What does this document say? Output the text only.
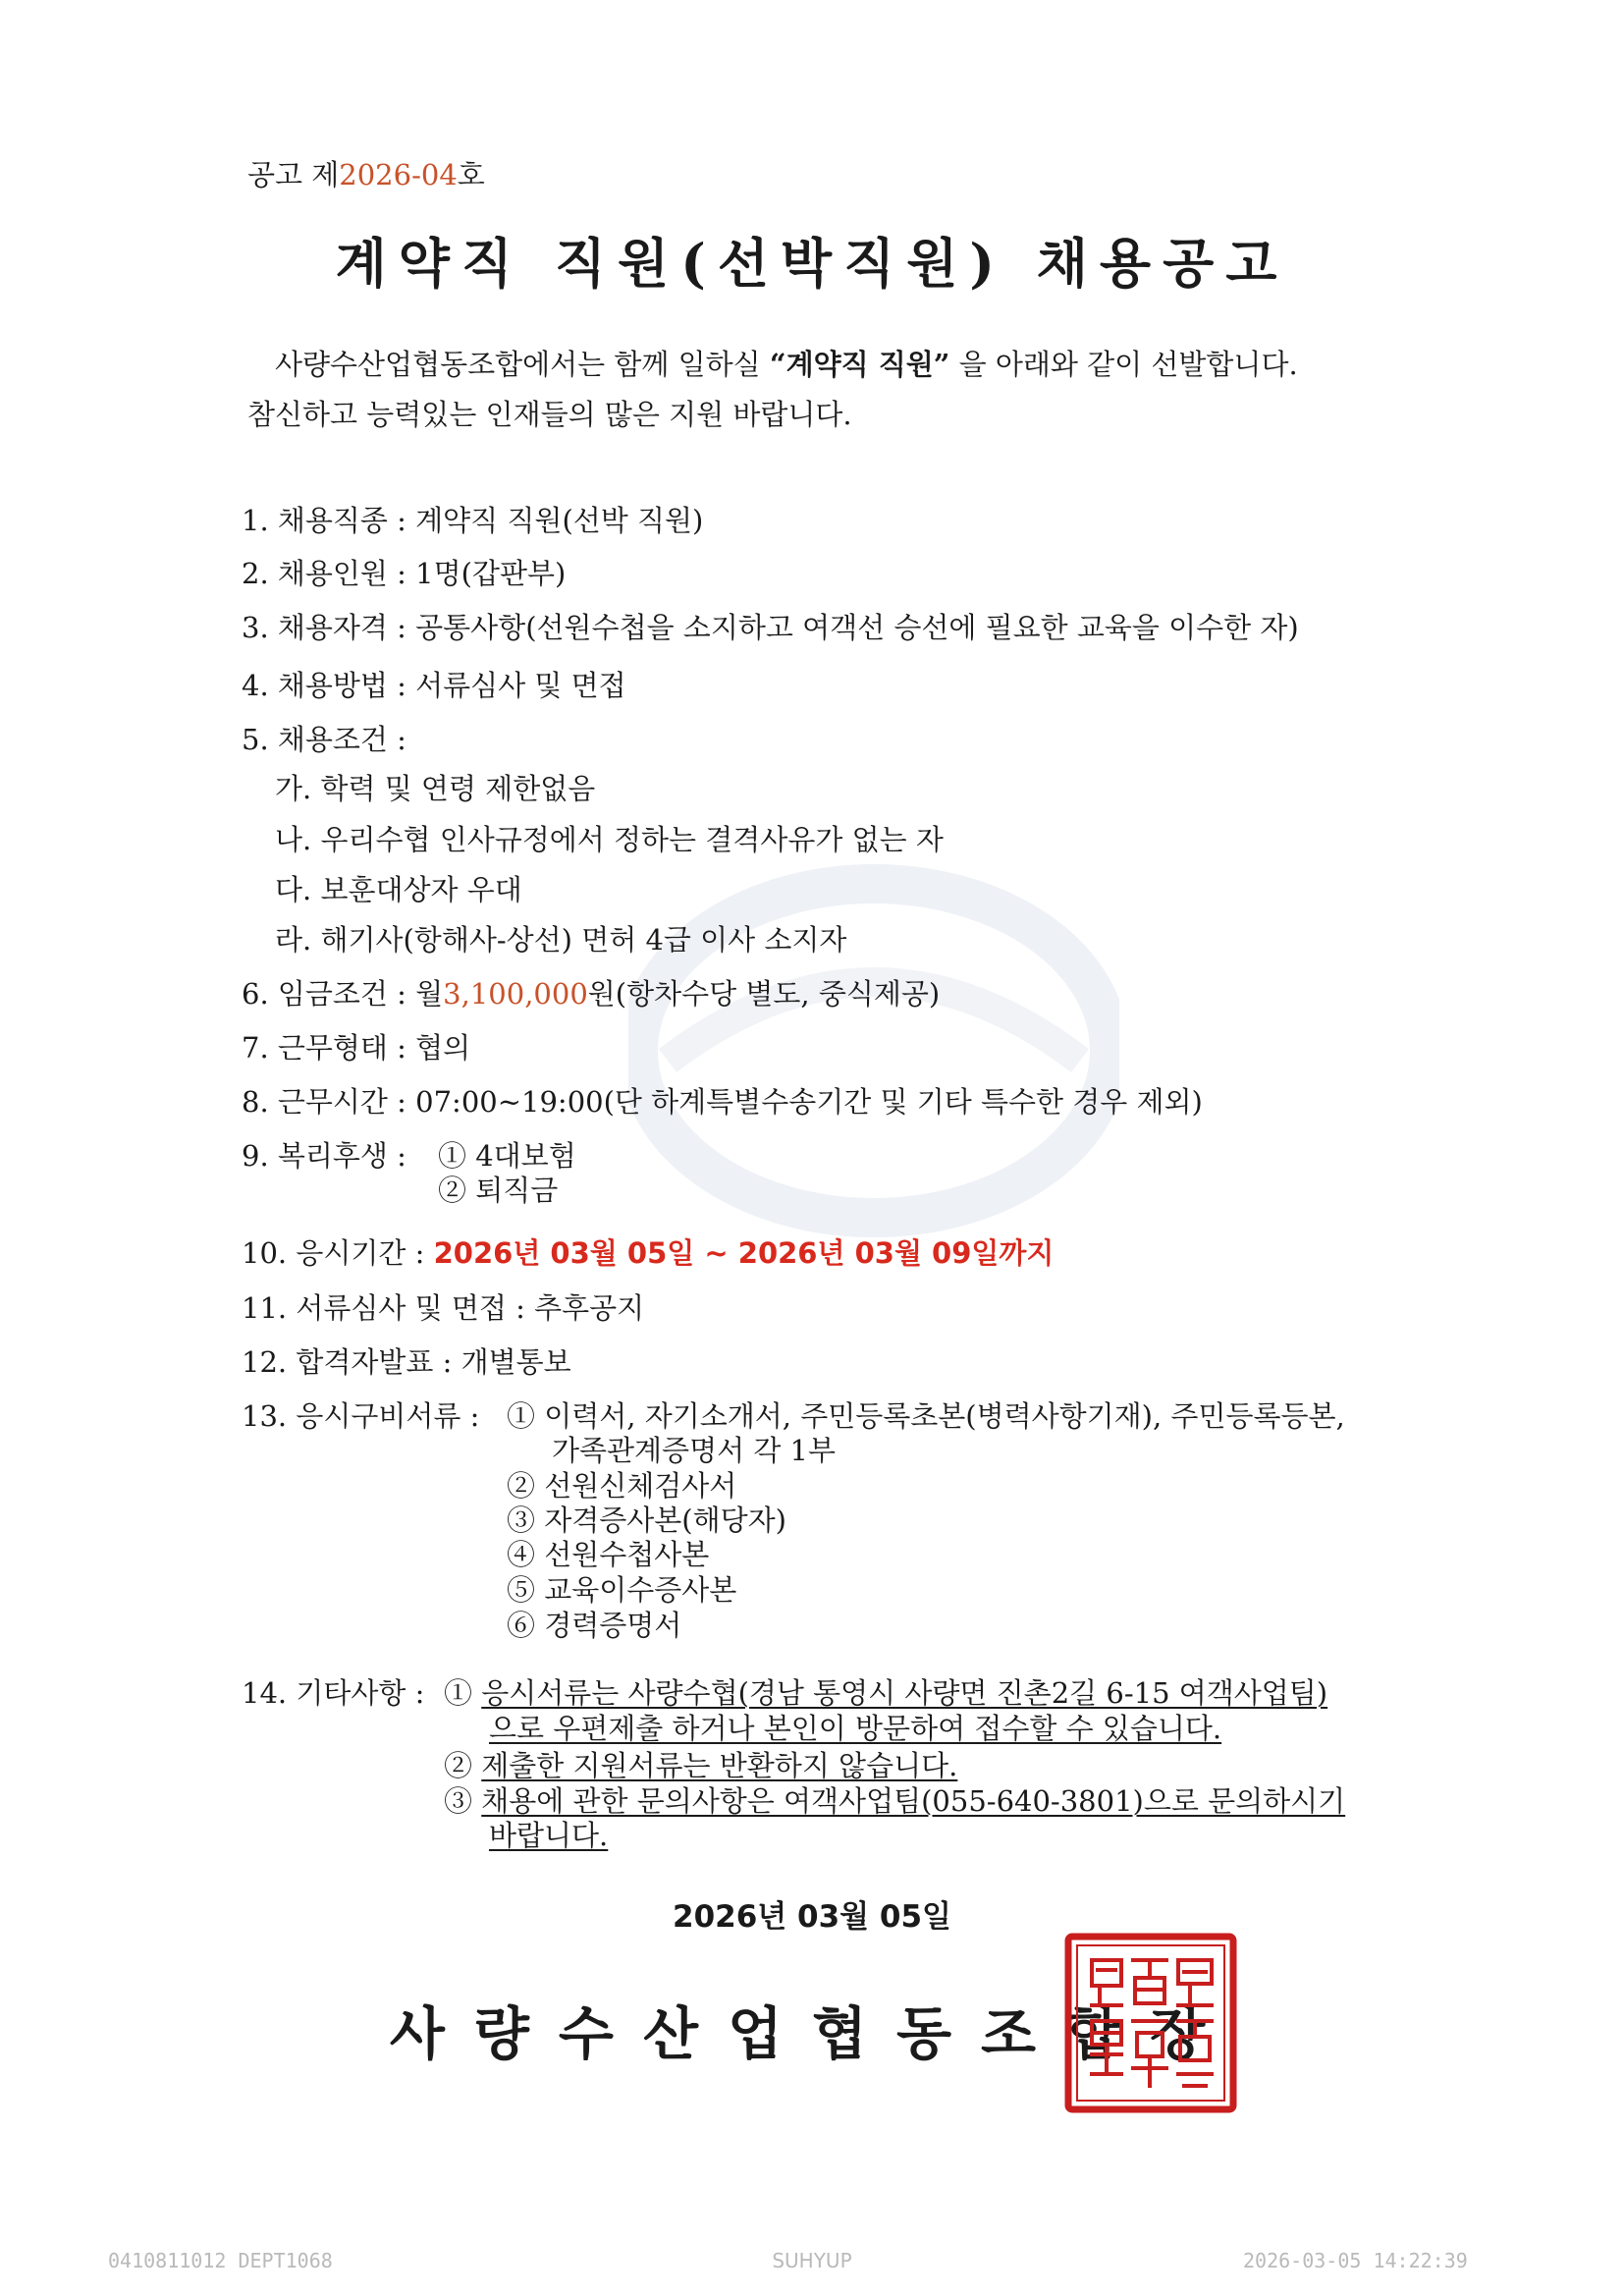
공고 제2026-04호
계약직 직원(선박직원) 채용공고
사량수산업협동조합에서는 함께 일하실 “계약직 직원” 을 아래와 같이 선발합니다.
참신하고 능력있는 인재들의 많은 지원 바랍니다.
1. 채용직종 : 계약직 직원(선박 직원)
2. 채용인원 : 1명(갑판부)
3. 채용자격 : 공통사항(선원수첩을 소지하고 여객선 승선에 필요한 교육을 이수한 자)
4. 채용방법 : 서류심사 및 면접
5. 채용조건 :
가. 학력 및 연령 제한없음
나. 우리수협 인사규정에서 정하는 결격사유가 없는 자
다. 보훈대상자 우대
라. 해기사(항해사-상선) 면허 4급 이사 소지자
6. 임금조건 : 월3,100,000원(항차수당 별도, 중식제공)
7. 근무형태 : 협의
8. 근무시간 : 07:00~19:00(단 하계특별수송기간 및 기타 특수한 경우 제외)
9. 복리후생 : ① 4대보험
② 퇴직금
10. 응시기간 : 2026년 03월 05일 ~ 2026년 03월 09일까지
11. 서류심사 및 면접 : 추후공지
12. 합격자발표 : 개별통보
13. 응시구비서류 : ① 이력서, 자기소개서, 주민등록초본(병력사항기재), 주민등록등본,
가족관계증명서 각 1부
② 선원신체검사서
③ 자격증사본(해당자)
④ 선원수첩사본
⑤ 교육이수증사본
⑥ 경력증명서
14. 기타사항 : ① 응시서류는 사량수협(경남 통영시 사량면 진촌2길 6-15 여객사업팀)
으로 우편제출 하거나 본인이 방문하여 접수할 수 있습니다.
② 제출한 지원서류는 반환하지 않습니다.
③ 채용에 관한 문의사항은 여객사업팀(055-640-3801)으로 문의하시기
바랍니다.
2026년 03월 05일
사량수산업협동조합장
0410811012 DEPT1068	SUHYUP	2026-03-05 14:22:39
